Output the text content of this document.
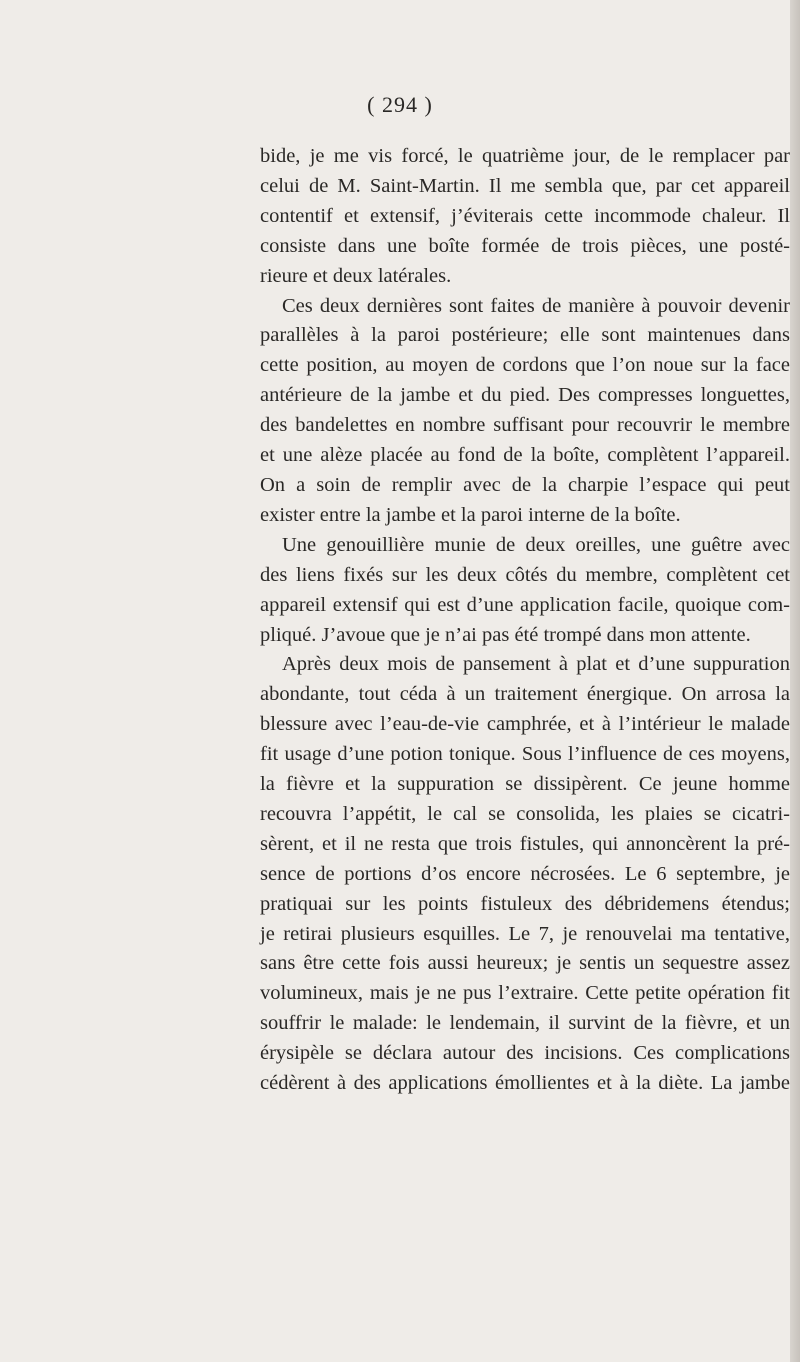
( 294 )
bide, je me vis forcé, le quatrième jour, de le remplacer par
celui de M. Saint-Martin. Il me sembla que, par cet appareil
contentif et extensif, j’éviterais cette incommode chaleur. Il
consiste dans une boîte formée de trois pièces, une posté-
rieure et deux latérales.
Ces deux dernières sont faites de manière à pouvoir devenir
parallèles à la paroi postérieure; elle sont maintenues dans
cette position, au moyen de cordons que l’on noue sur la face
antérieure de la jambe et du pied. Des compresses longuettes,
des bandelettes en nombre suffisant pour recouvrir le membre
et une alèze placée au fond de la boîte, complètent l’appareil.
On a soin de remplir avec de la charpie l’espace qui peut
exister entre la jambe et la paroi interne de la boîte.
Une genouillière munie de deux oreilles, une guêtre avec
des liens fixés sur les deux côtés du membre, complètent cet
appareil extensif qui est d’une application facile, quoique com-
pliqué. J’avoue que je n’ai pas été trompé dans mon attente.
Après deux mois de pansement à plat et d’une suppuration
abondante, tout céda à un traitement énergique. On arrosa la
blessure avec l’eau-de-vie camphrée, et à l’intérieur le malade
fit usage d’une potion tonique. Sous l’influence de ces moyens,
la fièvre et la suppuration se dissipèrent. Ce jeune homme
recouvra l’appétit, le cal se consolida, les plaies se cicatri-
sèrent, et il ne resta que trois fistules, qui annoncèrent la pré-
sence de portions d’os encore nécrosées. Le 6 septembre, je
pratiquai sur les points fistuleux des débridemens étendus;
je retirai plusieurs esquilles. Le 7, je renouvelai ma tentative,
sans être cette fois aussi heureux; je sentis un sequestre assez
volumineux, mais je ne pus l’extraire. Cette petite opération fit
souffrir le malade: le lendemain, il survint de la fièvre, et un
érysipèle se déclara autour des incisions. Ces complications
cédèrent à des applications émollientes et à la diète. La jambe
